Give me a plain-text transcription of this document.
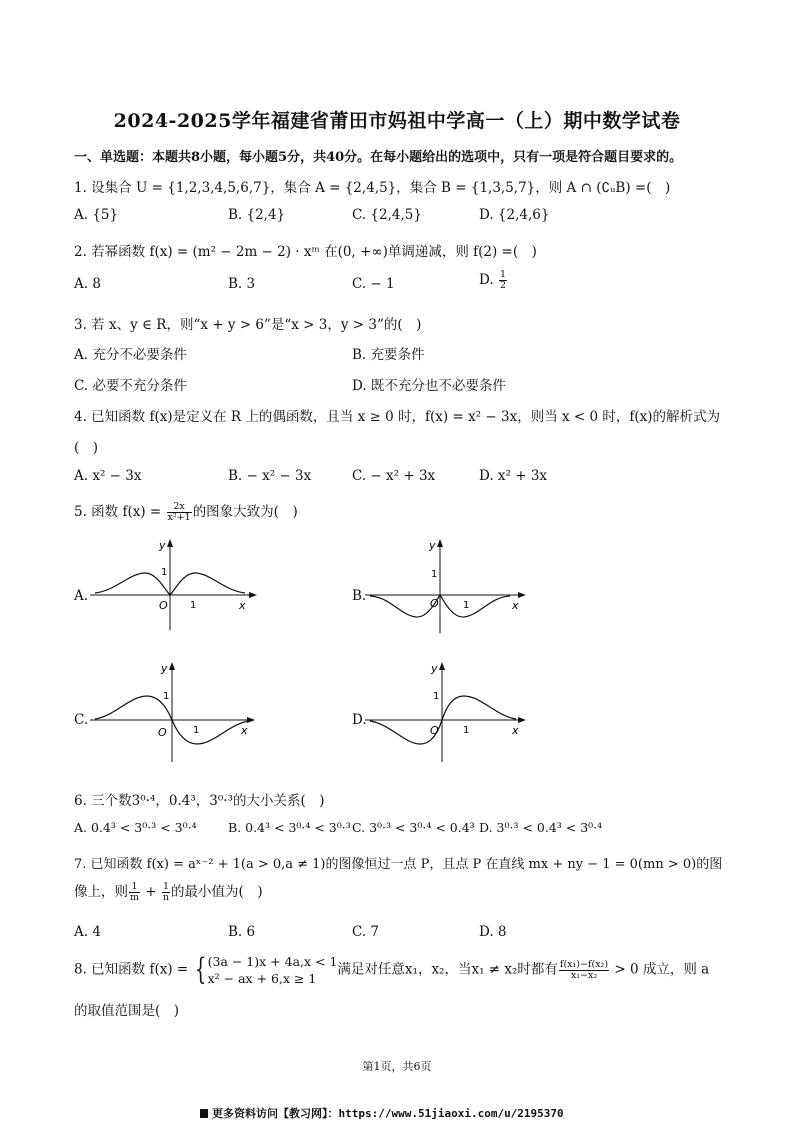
2024-2025学年福建省莆田市妈祖中学高一（上）期中数学试卷
一、单选题：本题共8小题，每小题5分，共40分。在每小题给出的选项中，只有一项是符合题目要求的。
1. 设集合 U = {1,2,3,4,5,6,7}，集合 A = {2,4,5}，集合 B = {1,3,5,7}，则 A ∩ (∁ᵤB) =(　)
A. {5}	B. {2,4}	C. {2,4,5}	D. {2,4,6}
2. 若幂函数 f(x) = (m² − 2m − 2) · xᵐ 在(0, +∞)单调递减，则 f(2) =(　)
A. 8	B. 3	C. − 1	D. $\frac{1}{2}$
3. 若 x、y ∈ R，则“x + y > 6”是“x > 3，y > 3”的(　)
A. 充分不必要条件	B. 充要条件
C. 必要不充分条件	D. 既不充分也不必要条件
4. 已知函数 f(x)是定义在 R 上的偶函数，且当 x ≥ 0 时，f(x) = x² − 3x，则当 x < 0 时，f(x)的解析式为
(　)
A. x² − 3x	B. − x² − 3x	C. − x² + 3x	D. x² + 3x
5. 函数 $f(x) = \frac{2x}{\text{x²+1}}$ 的图象大致为(　)
A.
y
O
1
1	x
B.
y
O
1
1	x
C.
y
O
1
1	x
D.
y
O
1
1	x
6. 三个数3⁰·⁴，0.4³，3⁰·³的大小关系(　)
A. 0.4³ < 3⁰·³ < 3⁰·⁴	B. 0.4³ < 3⁰·⁴ < 3⁰·³ C. 3⁰·³ < 3⁰·⁴ < 0.4³ D. 3⁰·³ < 0.4³ < 3⁰·⁴
7. 已知函数 f(x) = aˣ⁻² + 1(a > 0,a ≠ 1)的图像恒过一点 P，且点 P 在直线 mx + ny − 1 = 0(mn > 0)的图
像上，则 $\frac{1}{m} + \frac{1}{n}$ 的最小值为(　)
A. 4	B. 6	C. 7	D. 8
8. 已知函数 f(x) = { (3a − 1)x + 4a,x < 1
x² − ax + 6,x ≥ 1
满足对任意x₁，x₂，当x₁ ≠ x₂时都有 $\frac{\text{f(x₁)−f(x₂)}}{\text{x₁−x₂}} > 0$ 成立，则 a
的取值范围是(　)
第1页，共6页
更多资料访问【教习网】：https://www.51jiaoxi.com/u/2195370
